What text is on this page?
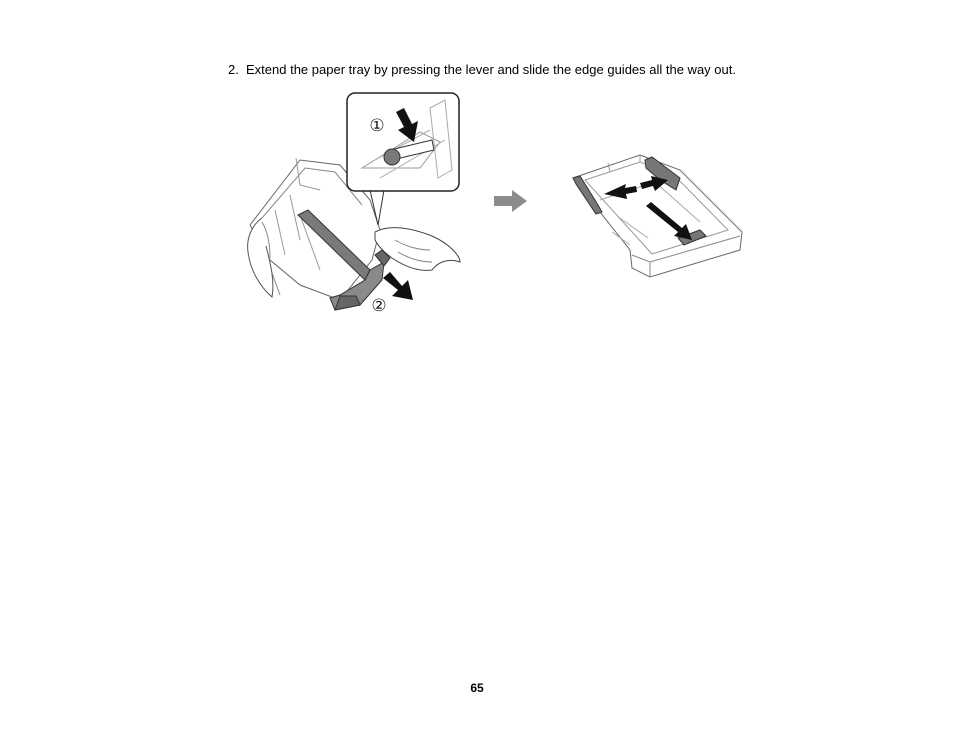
2. Extend the paper tray by pressing the lever and slide the edge guides all the way out.
①
②
65
